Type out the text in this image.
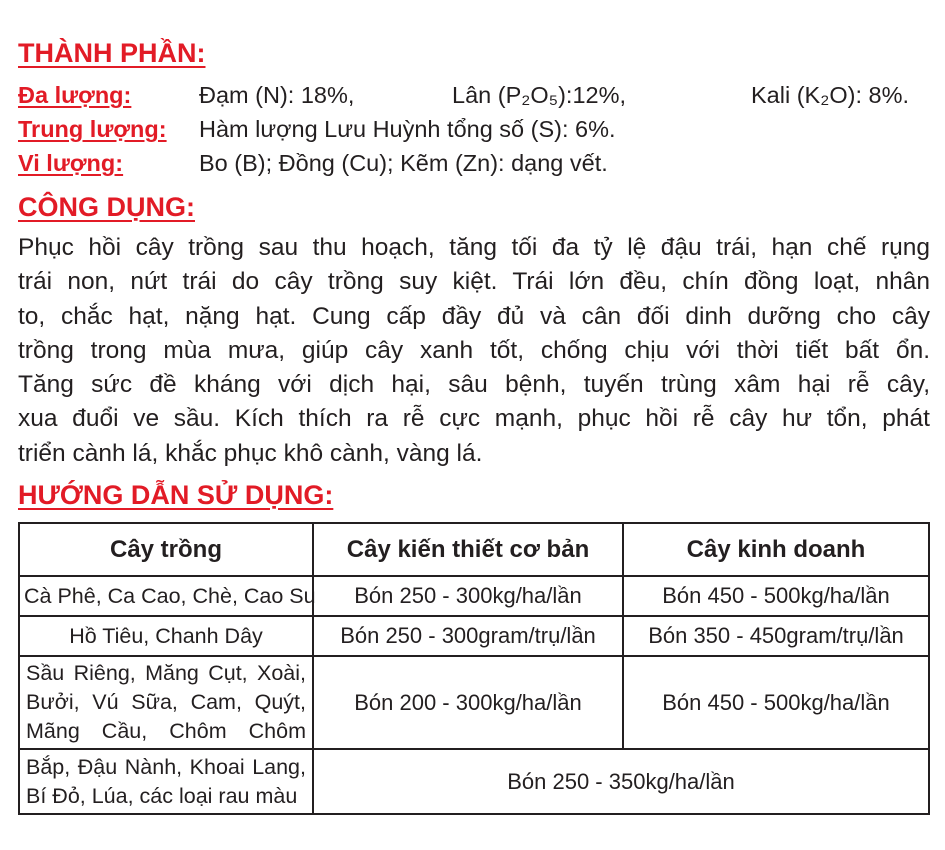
THÀNH PHẦN:
Đa lượng:	Đạm (N): 18%,	Lân (P₂O₅):12%,	Kali (K₂O): 8%.
Trung lượng: Hàm lượng Lưu Huỳnh tổng số (S): 6%.
Vi lượng:	Bo (B); Đồng (Cu); Kẽm (Zn): dạng vết.
CÔNG DỤNG:
Phục hồi cây trồng sau thu hoạch, tăng tối đa tỷ lệ đậu trái, hạn chế rụng
trái non, nứt trái do cây trồng suy kiệt. Trái lớn đều, chín đồng loạt, nhân
to, chắc hạt, nặng hạt. Cung cấp đầy đủ và cân đối dinh dưỡng cho cây
trồng trong mùa mưa, giúp cây xanh tốt, chống chịu với thời tiết bất ổn.
Tăng sức đề kháng với dịch hại, sâu bệnh, tuyến trùng xâm hại rễ cây,
xua đuổi ve sầu. Kích thích ra rễ cực mạnh, phục hồi rễ cây hư tổn, phát
triển cành lá, khắc phục khô cành, vàng lá.
HƯỚNG DẪN SỬ DỤNG:
Cây trồng	Cây kiến thiết cơ bản	Cây kinh doanh
Cà Phê, Ca Cao, Chè, Cao Su	Bón 250 - 300kg/ha/lần	Bón 450 - 500kg/ha/lần
Hồ Tiêu, Chanh Dây	Bón 250 - 300gram/trụ/lần	Bón 350 - 450gram/trụ/lần

Sầu Riêng, Măng Cụt, Xoài,
Bưởi, Vú Sữa, Cam, Quýt,
Mãng Cầu, Chôm Chôm	Bón 200 - 300kg/ha/lần	Bón 450 - 500kg/ha/lần

Bắp, Đậu Nành, Khoai Lang,
Bí Đỏ, Lúa, các loại rau màu	Bón 250 - 350kg/ha/lần	
